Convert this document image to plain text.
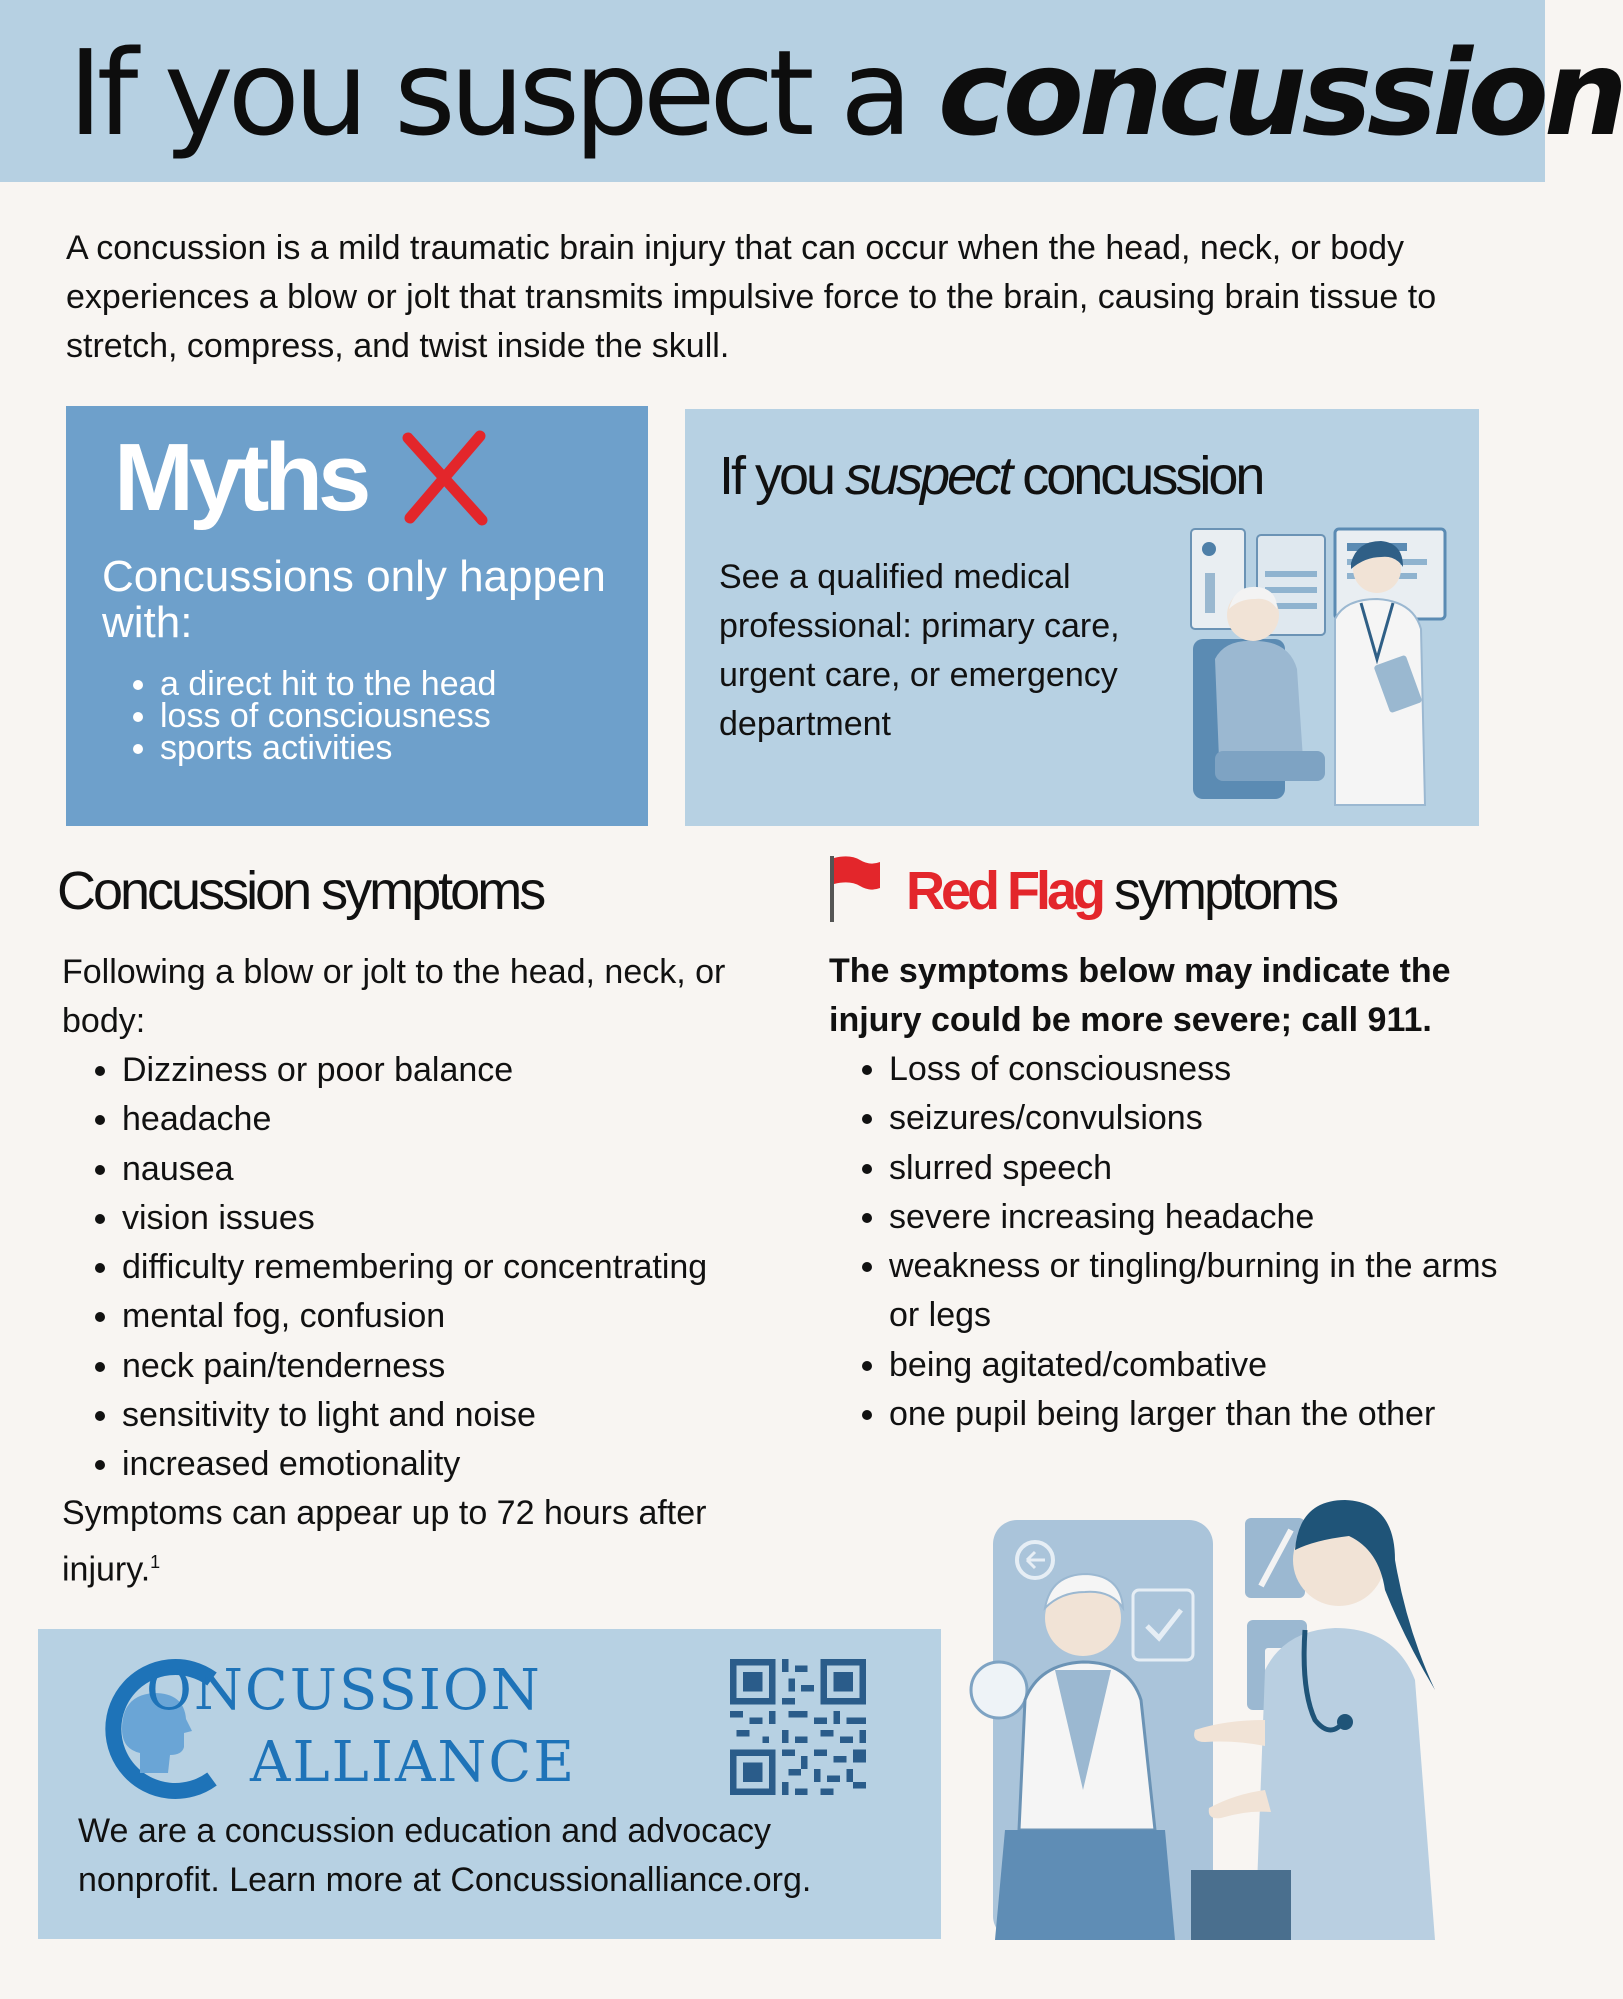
If you suspect a concussion

A concussion is a mild traumatic brain injury that can occur when the head, neck, or body experiences a blow or jolt that transmits impulsive force to the brain, causing brain tissue to stretch, compress, and twist inside the skull.

Myths

Concussions only happen with:

• a direct hit to the head
• loss of consciousness
• sports activities
If you suspect concussion

See a qualified medical professional: primary care, urgent care, or emergency department

Concussion symptoms

Following a blow or jolt to the head, neck, or body:

• Dizziness or poor balance
• headache
• nausea
• vision issues
• difficulty remembering or concentrating
• mental fog, confusion
• neck pain/tenderness
• sensitivity to light and noise
• increased emotionality

Symptoms can appear up to 72 hours after injury.$^1$

Red Flag symptoms

The symptoms below may indicate the injury could be more severe; call 911.

• Loss of consciousness
• seizures/convulsions
• slurred speech
• severe increasing headache
• weakness or tingling/burning in the arms or legs
• being agitated/combative
• one pupil being larger than the other
ONCUSSION
ALLIANCE

We are a concussion education and advocacy nonprofit. Learn more at Concussionalliance.org.
